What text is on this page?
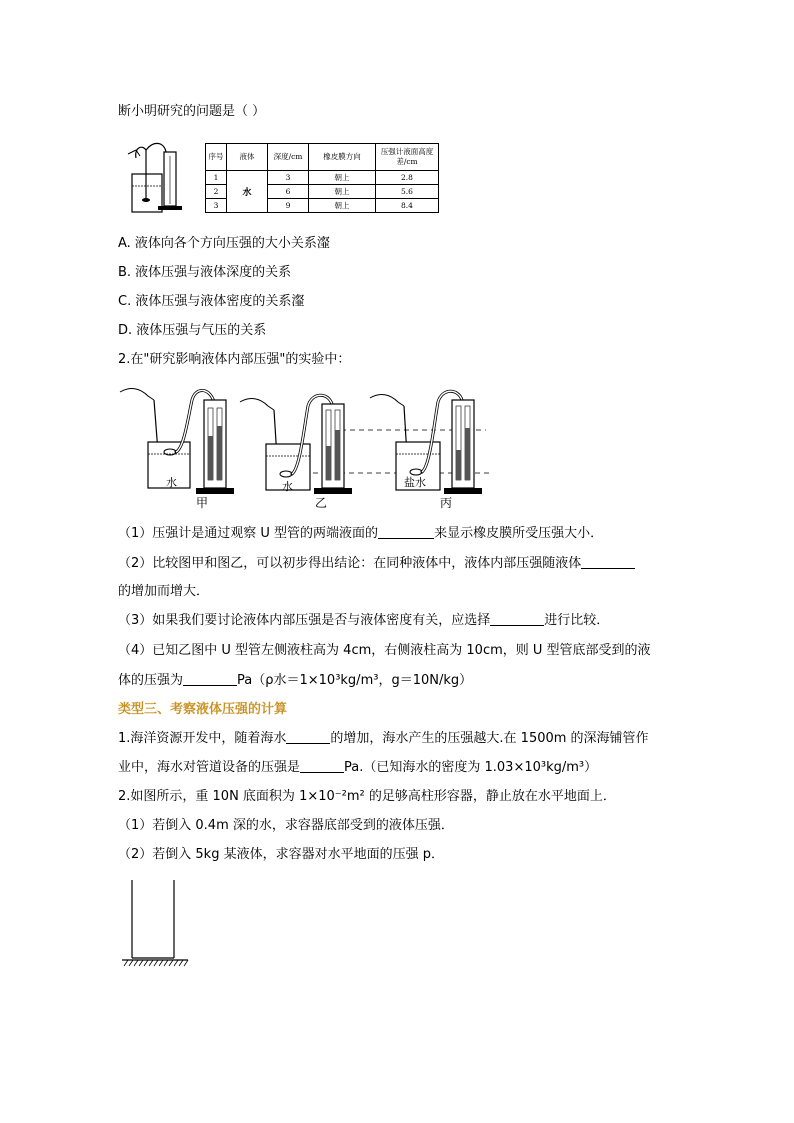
断小明研究的问题是（ ）
序号	液体	深度/cm	橡皮膜方向	压强计液面高度差/cm
1	水	3	朝上	2.8
2		6	朝上	5.6
3		9	朝上	8.4
A. 液体向各个方向压强的大小关系瀣
B. 液体压强与液体深度的关系
C. 液体压强与液体密度的关系瀣
D. 液体压强与气压的关系
2.在"研究影响液体内部压强"的实验中：
水	水	盐水
甲	乙	丙
（1）压强计是通过观察 U 型管的两端液面的	来显示橡皮膜所受压强大小．
（2）比较图甲和图乙，可以初步得出结论：在同种液体中，液体内部压强随液体
的增加而增大．
（3）如果我们要讨论液体内部压强是否与液体密度有关，应选择	进行比较．
（4）已知乙图中 U 型管左侧液柱高为 4cm，右侧液柱高为 10cm，则 U 型管底部受到的液
体的压强为	Pa（ρ水＝1×10³kg/m³，g＝10N/kg）
类型三、考察液体压强的计算
1.海洋资源开发中，随着海水	的增加，海水产生的压强越大.在 1500m 的深海铺管作
业中，海水对管道设备的压强是	Pa.（已知海水的密度为 1.03×10³kg/m³）
2.如图所示，重 10N 底面积为 1×10⁻²m² 的足够高柱形容器，静止放在水平地面上．
（1）若倒入 0.4m 深的水，求容器底部受到的液体压强．
（2）若倒入 5kg 某液体，求容器对水平地面的压强 p．
